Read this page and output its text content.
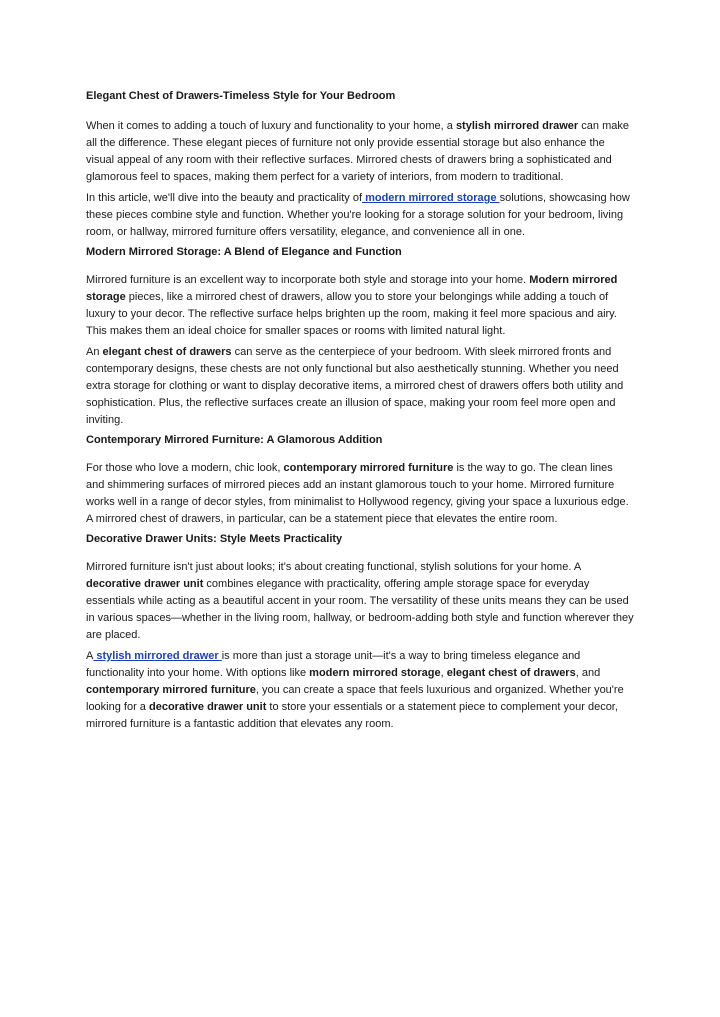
Elegant Chest of Drawers-Timeless Style for Your Bedroom

When it comes to adding a touch of luxury and functionality to your home, a stylish mirrored drawer can make all the difference. These elegant pieces of furniture not only provide essential storage but also enhance the visual appeal of any room with their reflective surfaces. Mirrored chests of drawers bring a sophisticated and glamorous feel to spaces, making them perfect for a variety of interiors, from modern to traditional.

In this article, we'll dive into the beauty and practicality of modern mirrored storage solutions, showcasing how these pieces combine style and function. Whether you're looking for a storage solution for your bedroom, living room, or hallway, mirrored furniture offers versatility, elegance, and convenience all in one.

Modern Mirrored Storage: A Blend of Elegance and Function

Mirrored furniture is an excellent way to incorporate both style and storage into your home. Modern mirrored storage pieces, like a mirrored chest of drawers, allow you to store your belongings while adding a touch of luxury to your decor. The reflective surface helps brighten up the room, making it feel more spacious and airy. This makes them an ideal choice for smaller spaces or rooms with limited natural light.

An elegant chest of drawers can serve as the centerpiece of your bedroom. With sleek mirrored fronts and contemporary designs, these chests are not only functional but also aesthetically stunning. Whether you need extra storage for clothing or want to display decorative items, a mirrored chest of drawers offers both utility and sophistication. Plus, the reflective surfaces create an illusion of space, making your room feel more open and inviting.

Contemporary Mirrored Furniture: A Glamorous Addition

For those who love a modern, chic look, contemporary mirrored furniture is the way to go. The clean lines and shimmering surfaces of mirrored pieces add an instant glamorous touch to your home. Mirrored furniture works well in a range of decor styles, from minimalist to Hollywood regency, giving your space a luxurious edge. A mirrored chest of drawers, in particular, can be a statement piece that elevates the entire room.

Decorative Drawer Units: Style Meets Practicality

Mirrored furniture isn't just about looks; it's about creating functional, stylish solutions for your home. A decorative drawer unit combines elegance with practicality, offering ample storage space for everyday essentials while acting as a beautiful accent in your room. The versatility of these units means they can be used in various spaces—whether in the living room, hallway, or bedroom-adding both style and function wherever they are placed.

A stylish mirrored drawer is more than just a storage unit—it's a way to bring timeless elegance and functionality into your home. With options like modern mirrored storage, elegant chest of drawers, and contemporary mirrored furniture, you can create a space that feels luxurious and organized. Whether you're looking for a decorative drawer unit to store your essentials or a statement piece to complement your decor, mirrored furniture is a fantastic addition that elevates any room.
